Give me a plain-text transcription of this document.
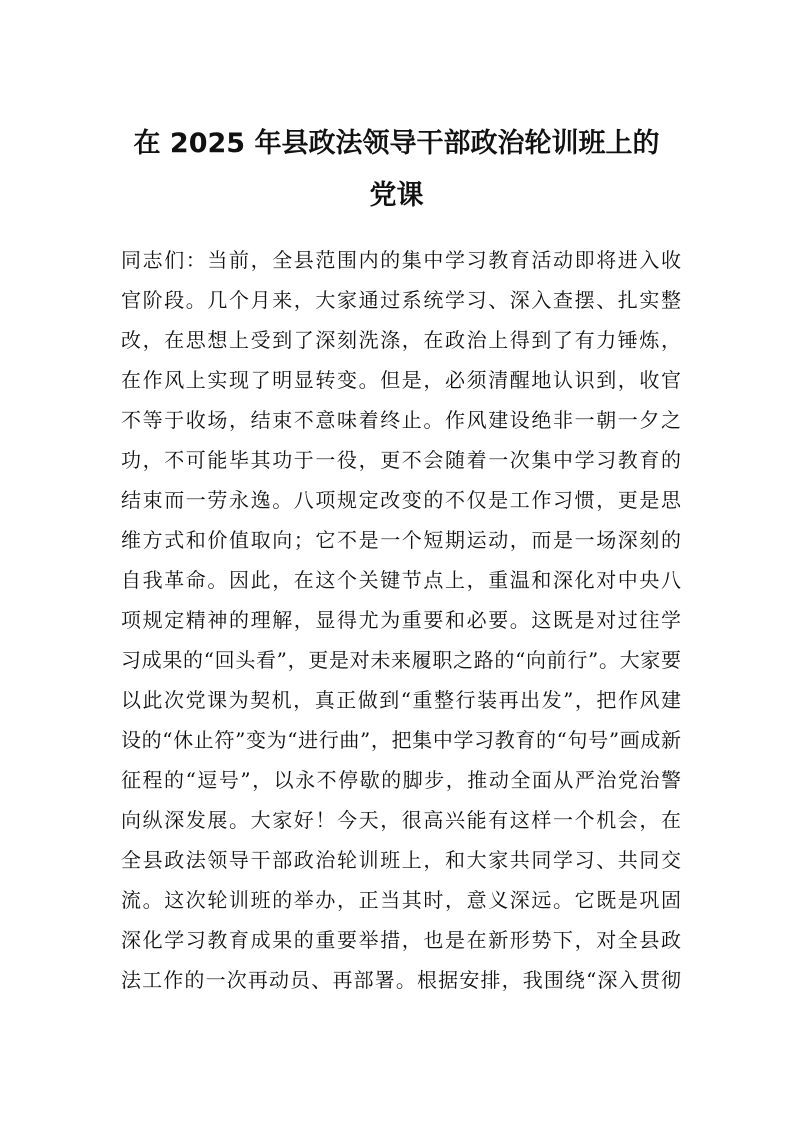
在 2025 年县政法领导干部政治轮训班上的
党课
同志们：当前，全县范围内的集中学习教育活动即将进入收
官阶段。几个月来，大家通过系统学习、深入查摆、扎实整
改，在思想上受到了深刻洗涤，在政治上得到了有力锤炼，
在作风上实现了明显转变。但是，必须清醒地认识到，收官
不等于收场，结束不意味着终止。作风建设绝非一朝一夕之
功，不可能毕其功于一役，更不会随着一次集中学习教育的
结束而一劳永逸。八项规定改变的不仅是工作习惯，更是思
维方式和价值取向；它不是一个短期运动，而是一场深刻的
自我革命。因此，在这个关键节点上，重温和深化对中央八
项规定精神的理解，显得尤为重要和必要。这既是对过往学
习成果的“回头看”，更是对未来履职之路的“向前行”。大家要
以此次党课为契机，真正做到“重整行装再出发”，把作风建
设的“休止符”变为“进行曲”，把集中学习教育的“句号”画成新
征程的“逗号”，以永不停歇的脚步，推动全面从严治党治警
向纵深发展。大家好！今天，很高兴能有这样一个机会，在
全县政法领导干部政治轮训班上，和大家共同学习、共同交
流。这次轮训班的举办，正当其时，意义深远。它既是巩固
深化学习教育成果的重要举措，也是在新形势下，对全县政
法工作的一次再动员、再部署。根据安排，我围绕“深入贯彻
